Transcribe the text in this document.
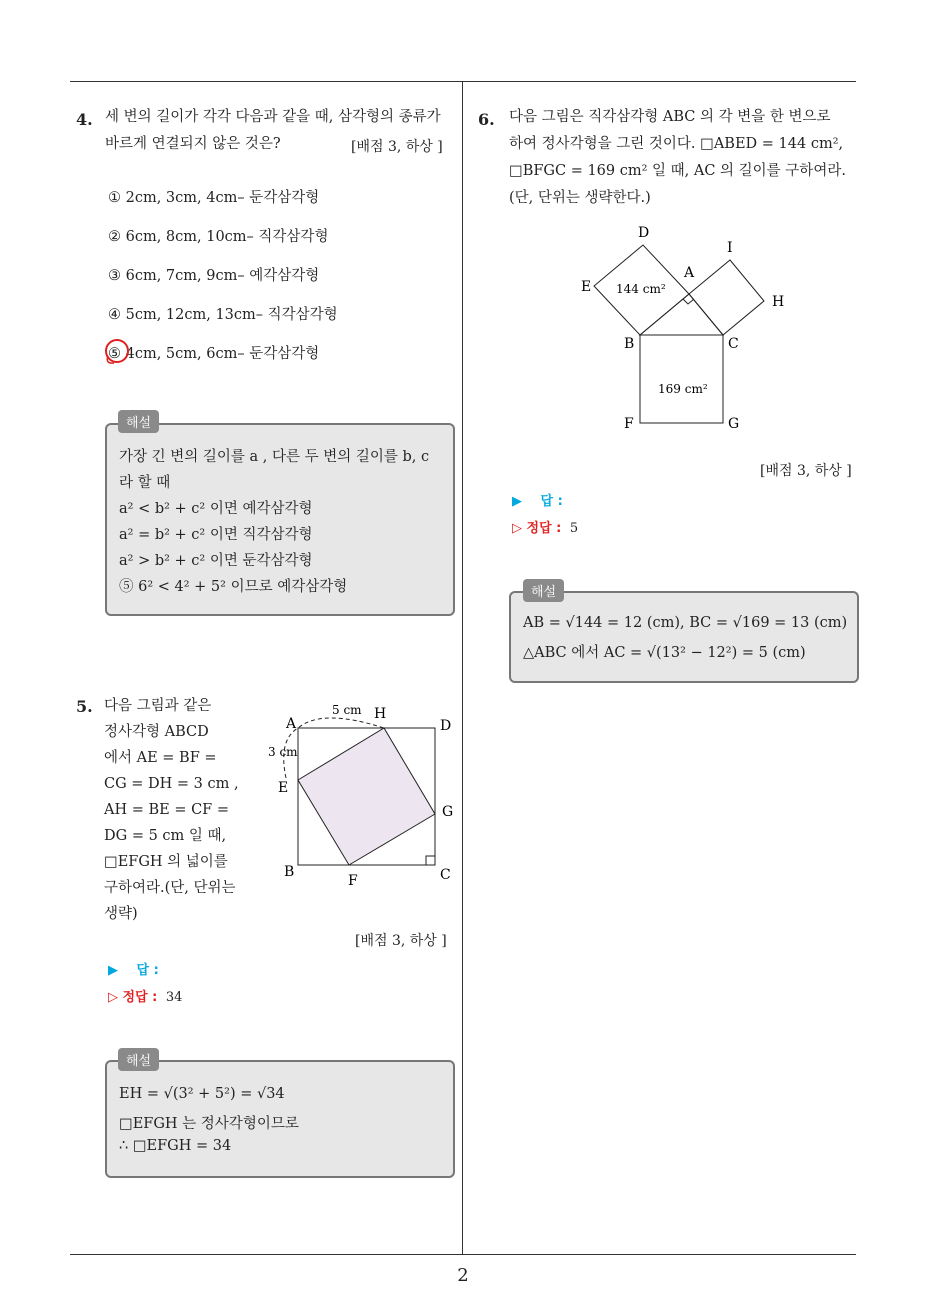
2
4. 세 변의 길이가 각각 다음과 같을 때, 삼각형의 종류가
바르게 연결되지 않은 것은?	[배점 3, 하상 ]
① 2cm, 3cm, 4cm– 둔각삼각형
② 6cm, 8cm, 10cm– 직각삼각형
③ 6cm, 7cm, 9cm– 예각삼각형
④ 5cm, 12cm, 13cm– 직각삼각형
⑤ 4cm, 5cm, 6cm– 둔각삼각형
가장 긴 변의 길이를 a , 다른 두 변의 길이를 b, c
라 할 때
a² < b² + c² 이면 예각삼각형
a² = b² + c² 이면 직각삼각형
a² > b² + c² 이면 둔각삼각형
⑤ 6² < 4² + 5² 이므로 예각삼각형
해설
5. 다음 그림과 같은
정사각형 ABCD
에서 AE = BF =
CG = DH = 3 cm ,
AH = BE = CF =
DG = 5 cm 일 때,
□EFGH 의 넓이를
구하여라.(단, 단위는
생략)
A	D
B	C
E
F
G
H
5 cm
3 cm
[배점 3, 하상 ]
▶ 답 :
▷ 정답 : 34
EH = √(3² + 5²) = √34
□EFGH 는 정사각형이므로
∴ □EFGH = 34
해설
6. 다음 그림은 직각삼각형 ABC 의 각 변을 한 변으로
하여 정사각형을 그린 것이다. □ABED = 144 cm²,
□BFGC = 169 cm² 일 때, AC 의 길이를 구하여라.
(단, 단위는 생략한다.)
D
I
A
E
H
B	C
F	G
144 cm²
169 cm²
[배점 3, 하상 ]
▶ 답 :
▷ 정답 : 5
AB = √144 = 12 (cm), BC = √169 = 13 (cm)
△ABC 에서 AC = √(13² − 12²) = 5 (cm)
해설
